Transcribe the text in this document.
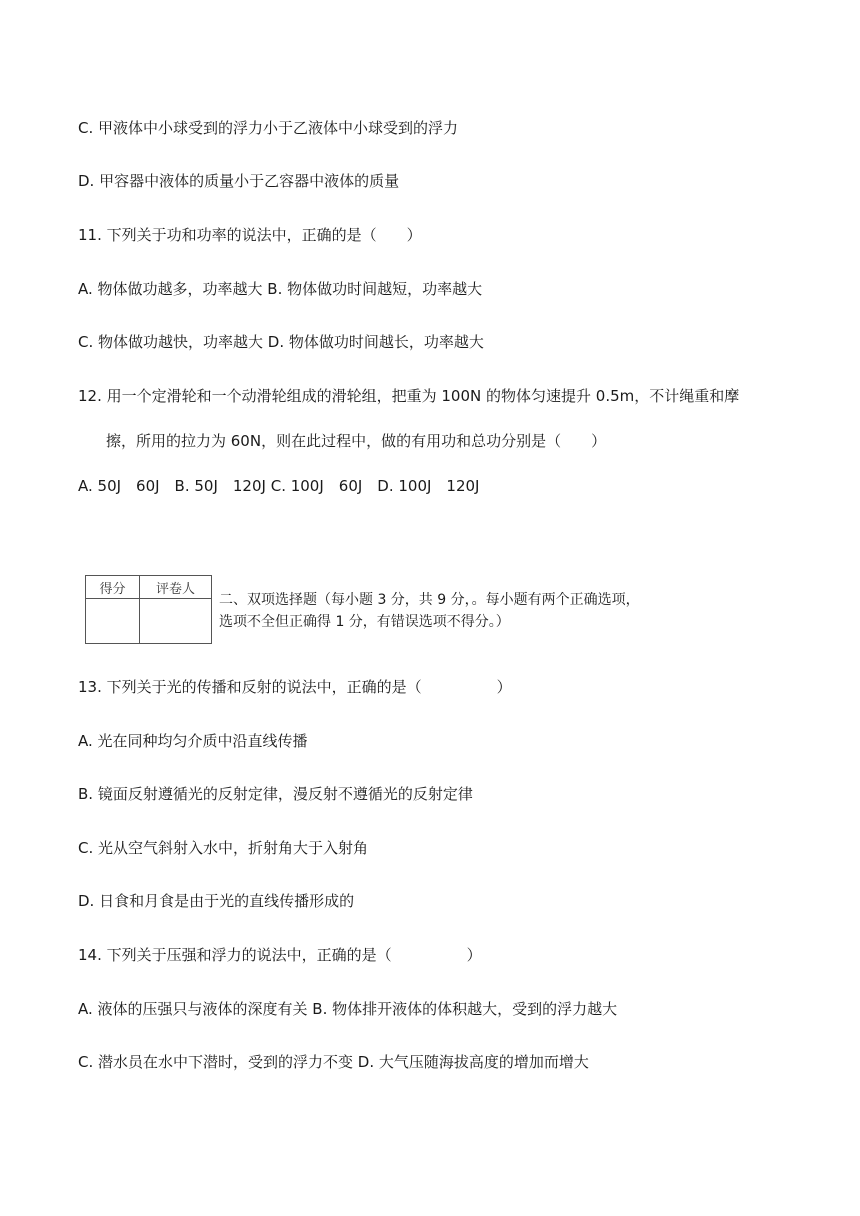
C. 甲液体中小球受到的浮力小于乙液体中小球受到的浮力
D. 甲容器中液体的质量小于乙容器中液体的质量
11. 下列关于功和功率的说法中，正确的是（　　）
A. 物体做功越多，功率越大 B. 物体做功时间越短，功率越大
C. 物体做功越快，功率越大 D. 物体做功时间越长，功率越大
12. 用一个定滑轮和一个动滑轮组成的滑轮组，把重为 100N 的物体匀速提升 0.5m，不计绳重和摩
擦，所用的拉力为 60N，则在此过程中，做的有用功和总功分别是（　　）
A. 50J　60J　B. 50J　120J C. 100J　60J　D. 100J　120J
得分	评卷人

二、双项选择题（每小题 3 分，共 9 分，。每小题有两个正确选项，
选项不全但正确得 1 分，有错误选项不得分。）
13. 下列关于光的传播和反射的说法中，正确的是（　　　　　）
A. 光在同种均匀介质中沿直线传播
B. 镜面反射遵循光的反射定律，漫反射不遵循光的反射定律
C. 光从空气斜射入水中，折射角大于入射角
D. 日食和月食是由于光的直线传播形成的
14. 下列关于压强和浮力的说法中，正确的是（　　　　　）
A. 液体的压强只与液体的深度有关 B. 物体排开液体的体积越大，受到的浮力越大
C. 潜水员在水中下潜时，受到的浮力不变 D. 大气压随海拔高度的增加而增大
